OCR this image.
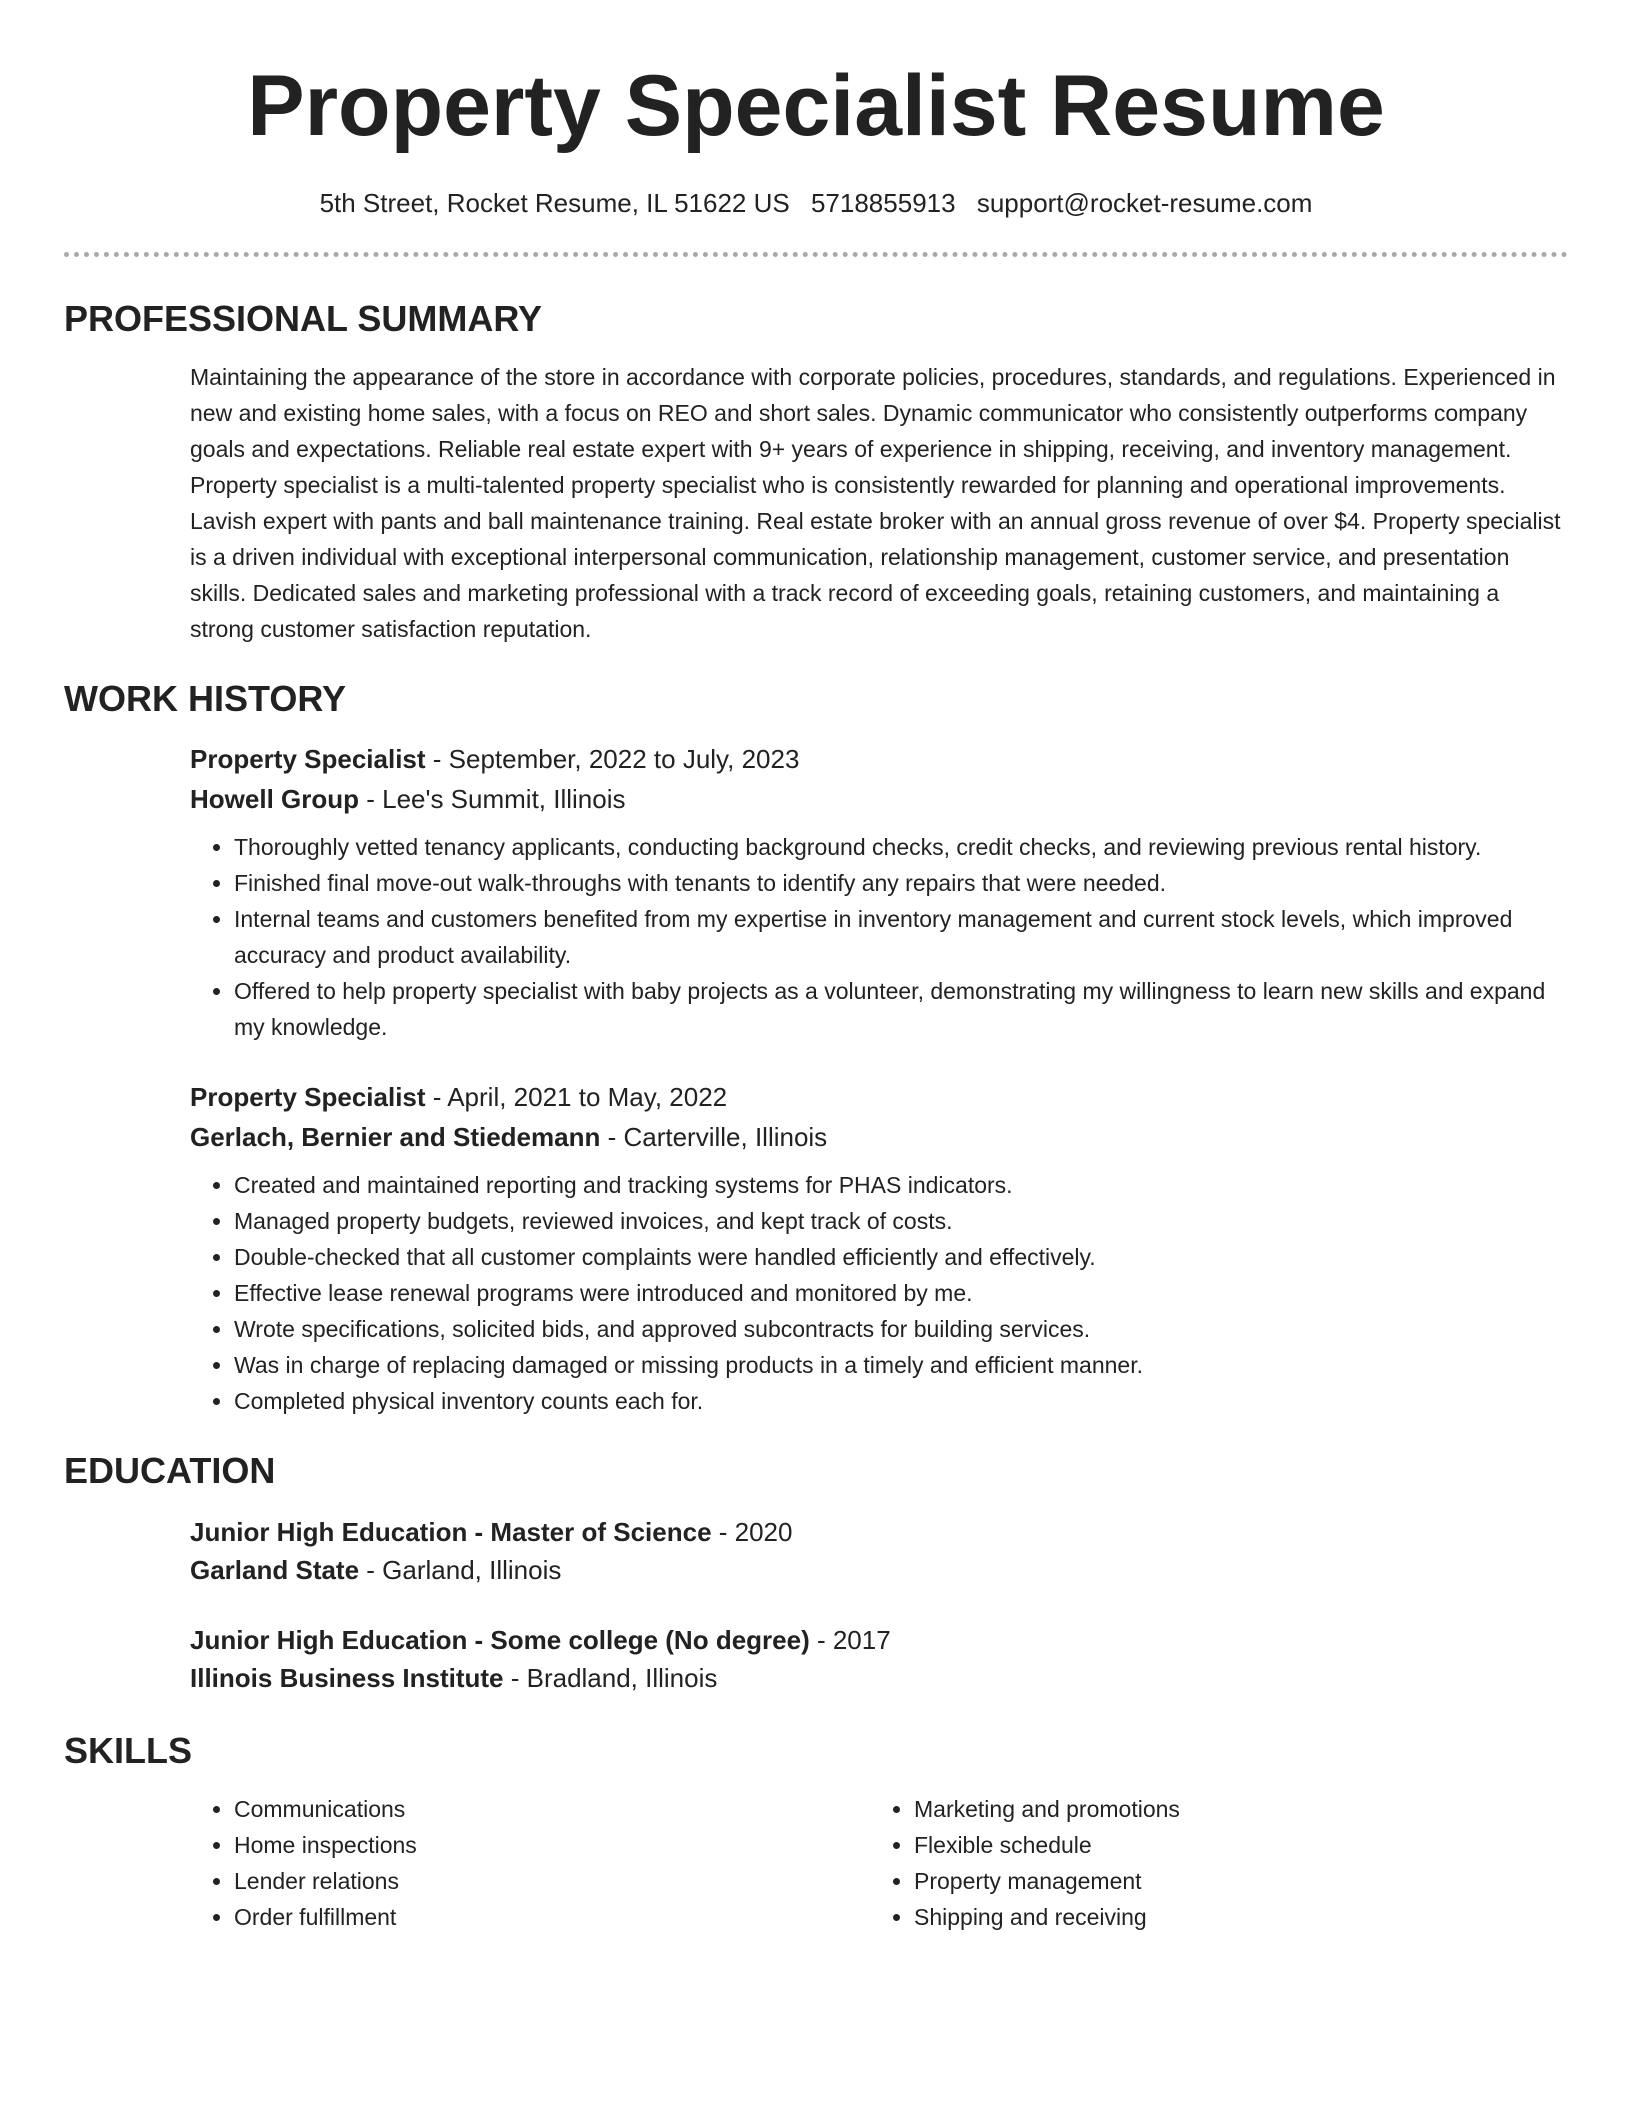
Property Specialist Resume
5th Street, Rocket Resume, IL 51622 US 5718855913 support@rocket-resume.com
PROFESSIONAL SUMMARY

Maintaining the appearance of the store in accordance with corporate policies, procedures, standards, and regulations. Experienced in new and existing home sales, with a focus on REO and short sales. Dynamic communicator who consistently outperforms company goals and expectations. Reliable real estate expert with 9+ years of experience in shipping, receiving, and inventory management. Property specialist is a multi-talented property specialist who is consistently rewarded for planning and operational improvements. Lavish expert with pants and ball maintenance training. Real estate broker with an annual gross revenue of over $4. Property specialist is a driven individual with exceptional interpersonal communication, relationship management, customer service, and presentation skills. Dedicated sales and marketing professional with a track record of exceeding goals, retaining customers, and maintaining a strong customer satisfaction reputation.

WORK HISTORY
Property Specialist - September, 2022 to July, 2023
Howell Group - Lee's Summit, Illinois
• Thoroughly vetted tenancy applicants, conducting background checks, credit checks, and reviewing previous rental history.
• Finished final move-out walk-throughs with tenants to identify any repairs that were needed.
• Internal teams and customers benefited from my expertise in inventory management and current stock levels, which improved accuracy and product availability.
• Offered to help property specialist with baby projects as a volunteer, demonstrating my willingness to learn new skills and expand my knowledge.
Property Specialist - April, 2021 to May, 2022
Gerlach, Bernier and Stiedemann - Carterville, Illinois
• Created and maintained reporting and tracking systems for PHAS indicators.
• Managed property budgets, reviewed invoices, and kept track of costs.
• Double-checked that all customer complaints were handled efficiently and effectively.
• Effective lease renewal programs were introduced and monitored by me.
• Wrote specifications, solicited bids, and approved subcontracts for building services.
• Was in charge of replacing damaged or missing products in a timely and efficient manner.
• Completed physical inventory counts each for.
EDUCATION
Junior High Education - Master of Science - 2020
Garland State - Garland, Illinois
Junior High Education - Some college (No degree) - 2017
Illinois Business Institute - Bradland, Illinois
SKILLS
• Communications
• Home inspections
• Lender relations
• Order fulfillment
• Marketing and promotions
• Flexible schedule
• Property management
• Shipping and receiving
